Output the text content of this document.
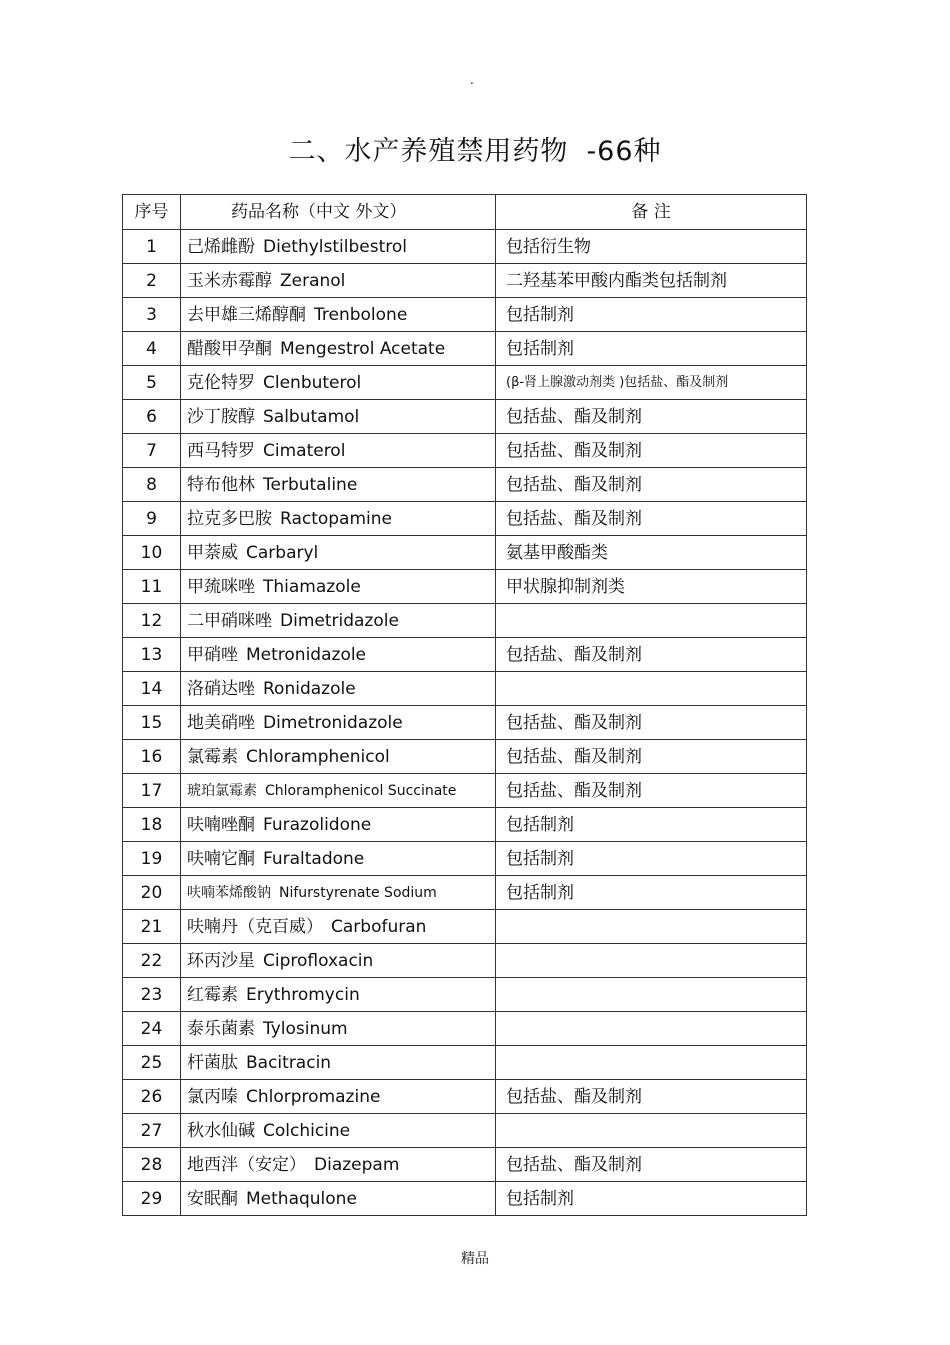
.
二、水产养殖禁用药物 -66种
序号	药品名称（中文 外文）	备 注
1	己烯雌酚 Diethylstilbestrol	包括衍生物
2	玉米赤霉醇 Zeranol	二羟基苯甲酸内酯类包括制剂
3	去甲雄三烯醇酮 Trenbolone	包括制剂
4	醋酸甲孕酮 Mengestrol Acetate	包括制剂
5	克伦特罗 Clenbuterol	(β-肾上腺激动剂类 )包括盐、酯及制剂
6	沙丁胺醇 Salbutamol	包括盐、酯及制剂
7	西马特罗 Cimaterol	包括盐、酯及制剂
8	特布他林 Terbutaline	包括盐、酯及制剂
9	拉克多巴胺 Ractopamine	包括盐、酯及制剂
10	甲萘威 Carbaryl	氨基甲酸酯类
11	甲巯咪唑 Thiamazole	甲状腺抑制剂类
12	二甲硝咪唑 Dimetridazole	
13	甲硝唑 Metronidazole	包括盐、酯及制剂
14	洛硝达唑 Ronidazole	
15	地美硝唑 Dimetronidazole	包括盐、酯及制剂
16	氯霉素 Chloramphenicol	包括盐、酯及制剂
17	琥珀氯霉素 Chloramphenicol Succinate	包括盐、酯及制剂
18	呋喃唑酮 Furazolidone	包括制剂
19	呋喃它酮 Furaltadone	包括制剂
20	呋喃苯烯酸钠 Nifurstyrenate Sodium	包括制剂
21	呋喃丹（克百威） Carbofuran	
22	环丙沙星 Ciprofloxacin	
23	红霉素 Erythromycin	
24	泰乐菌素 Tylosinum	
25	杆菌肽 Bacitracin	
26	氯丙嗪 Chlorpromazine	包括盐、酯及制剂
27	秋水仙碱 Colchicine	
28	地西泮（安定） Diazepam	包括盐、酯及制剂
29	安眠酮 Methaqulone	包括制剂
精品
